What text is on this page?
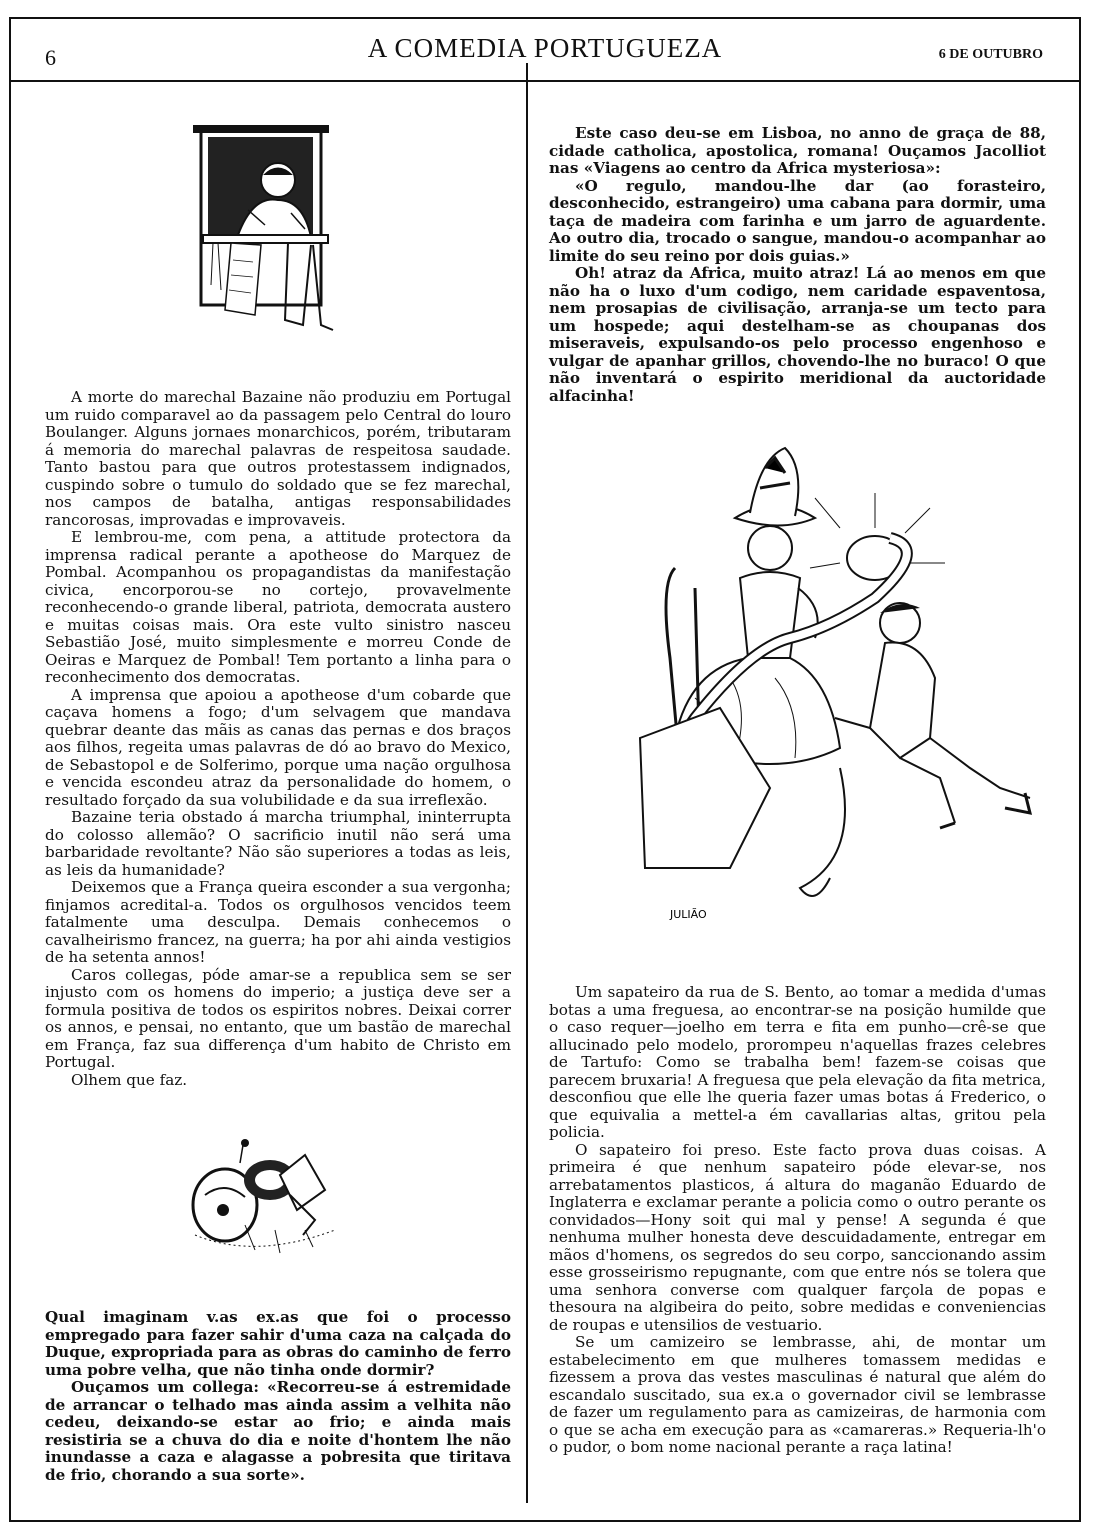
6	A COMEDIA PORTUGUEZA	6 DE OUTUBRO

A morte do marechal Bazaine não produziu em Portugal um ruido comparavel ao da passagem pelo Central do louro Boulanger. Alguns jornaes monarchicos, porém, tributaram á memoria do marechal palavras de respeitosa saudade. Tanto bastou para que outros protestassem indignados, cuspindo sobre o tumulo do soldado que se fez marechal, nos campos de batalha, antigas responsabilidades rancorosas, improvadas e improvaveis.

E lembrou-me, com pena, a attitude protectora da imprensa radical perante a apotheose do Marquez de Pombal. Acompanhou os propagandistas da manifestação civica, encorporou-se no cortejo, provavelmente reconhecendo-o grande liberal, patriota, democrata austero e muitas coisas mais. Ora este vulto sinistro nasceu Sebastião José, muito simplesmente e morreu Conde de Oeiras e Marquez de Pombal! Tem portanto a linha para o reconhecimento dos democratas.

A imprensa que apoiou a apotheose d'um cobarde que caçava homens a fogo; d'um selvagem que mandava quebrar deante das mãis as canas das pernas e dos braços aos filhos, regeita umas palavras de dó ao bravo do Mexico, de Sebastopol e de Solferimo, porque uma nação orgulhosa e vencida escondeu atraz da personalidade do homem, o resultado forçado da sua volubilidade e da sua irreflexão.

Bazaine teria obstado á marcha triumphal, ininterrupta do colosso allemão? O sacrificio inutil não será uma barbaridade revoltante? Não são superiores a todas as leis, as leis da humanidade?

Deixemos que a França queira esconder a sua vergonha; finjamos acredital-a. Todos os orgulhosos vencidos teem fatalmente uma desculpa. Demais conhecemos o cavalheirismo francez, na guerra; ha por ahi ainda vestigios de ha setenta annos!

Caros collegas, póde amar-se a republica sem se ser injusto com os homens do imperio; a justiça deve ser a formula positiva de todos os espiritos nobres. Deixai correr os annos, e pensai, no entanto, que um bastão de marechal em França, faz sua differença d'um habito de Christo em Portugal.

Olhem que faz.

Qual imaginam v.as ex.as que foi o processo empregado para fazer sahir d'uma caza na calçada do Duque, expropriada para as obras do caminho de ferro uma pobre velha, que não tinha onde dormir?

Ouçamos um collega: «Recorreu-se á estremidade de arrancar o telhado mas ainda assim a velhita não cedeu, deixando-se estar ao frio; e ainda mais resistiria se a chuva do dia e noite d'hontem lhe não inundasse a caza e alagasse a pobresita que tiritava de frio, chorando a sua sorte».

Este caso deu-se em Lisboa, no anno de graça de 88, cidade catholica, apostolica, romana! Ouçamos Jacolliot nas «Viagens ao centro da Africa mysteriosa»:

«O regulo, mandou-lhe dar (ao forasteiro, desconhecido, estrangeiro) uma cabana para dormir, uma taça de madeira com farinha e um jarro de aguardente. Ao outro dia, trocado o sangue, mandou-o acompanhar ao limite do seu reino por dois guias.»

Oh! atraz da Africa, muito atraz! Lá ao menos em que não ha o luxo d'um codigo, nem caridade espaventosa, nem prosapias de civilisação, arranja-se um tecto para um hospede; aqui destelham-se as choupanas dos miseraveis, expulsando-os pelo processo engenhoso e vulgar de apanhar grillos, chovendo-lhe no buraco! O que não inventará o espirito meridional da auctoridade alfacinha!

JULIÃO

Um sapateiro da rua de S. Bento, ao tomar a medida d'umas botas a uma freguesa, ao encontrar-se na posição humilde que o caso requer—joelho em terra e fita em punho—crê-se que allucinado pelo modelo, prorompeu n'aquellas frazes celebres de Tartufo: Como se trabalha bem! fazem-se coisas que parecem bruxaria! A freguesa que pela elevação da fita metrica, desconfiou que elle lhe queria fazer umas botas á Frederico, o que equivalia a mettel-a ém cavallarias altas, gritou pela policia.

O sapateiro foi preso. Este facto prova duas coisas. A primeira é que nenhum sapateiro póde elevar-se, nos arrebatamentos plasticos, á altura do maganão Eduardo de Inglaterra e exclamar perante a policia como o outro perante os convidados—Hony soit qui mal y pense! A segunda é que nenhuma mulher honesta deve descuidadamente, entregar em mãos d'homens, os segredos do seu corpo, sanccionando assim esse grosseirismo repugnante, com que entre nós se tolera que uma senhora converse com qualquer farçola de popas e thesoura na algibeira do peito, sobre medidas e conveniencias de roupas e utensilios de vestuario.

Se um camizeiro se lembrasse, ahi, de montar um estabelecimento em que mulheres tomassem medidas e fizessem a prova das vestes masculinas é natural que além do escandalo suscitado, sua ex.a o governador civil se lembrasse de fazer um regulamento para as camizeiras, de harmonia com o que se acha em execução para as «camareras.» Requeria-lh'o o pudor, o bom nome nacional perante a raça latina!
